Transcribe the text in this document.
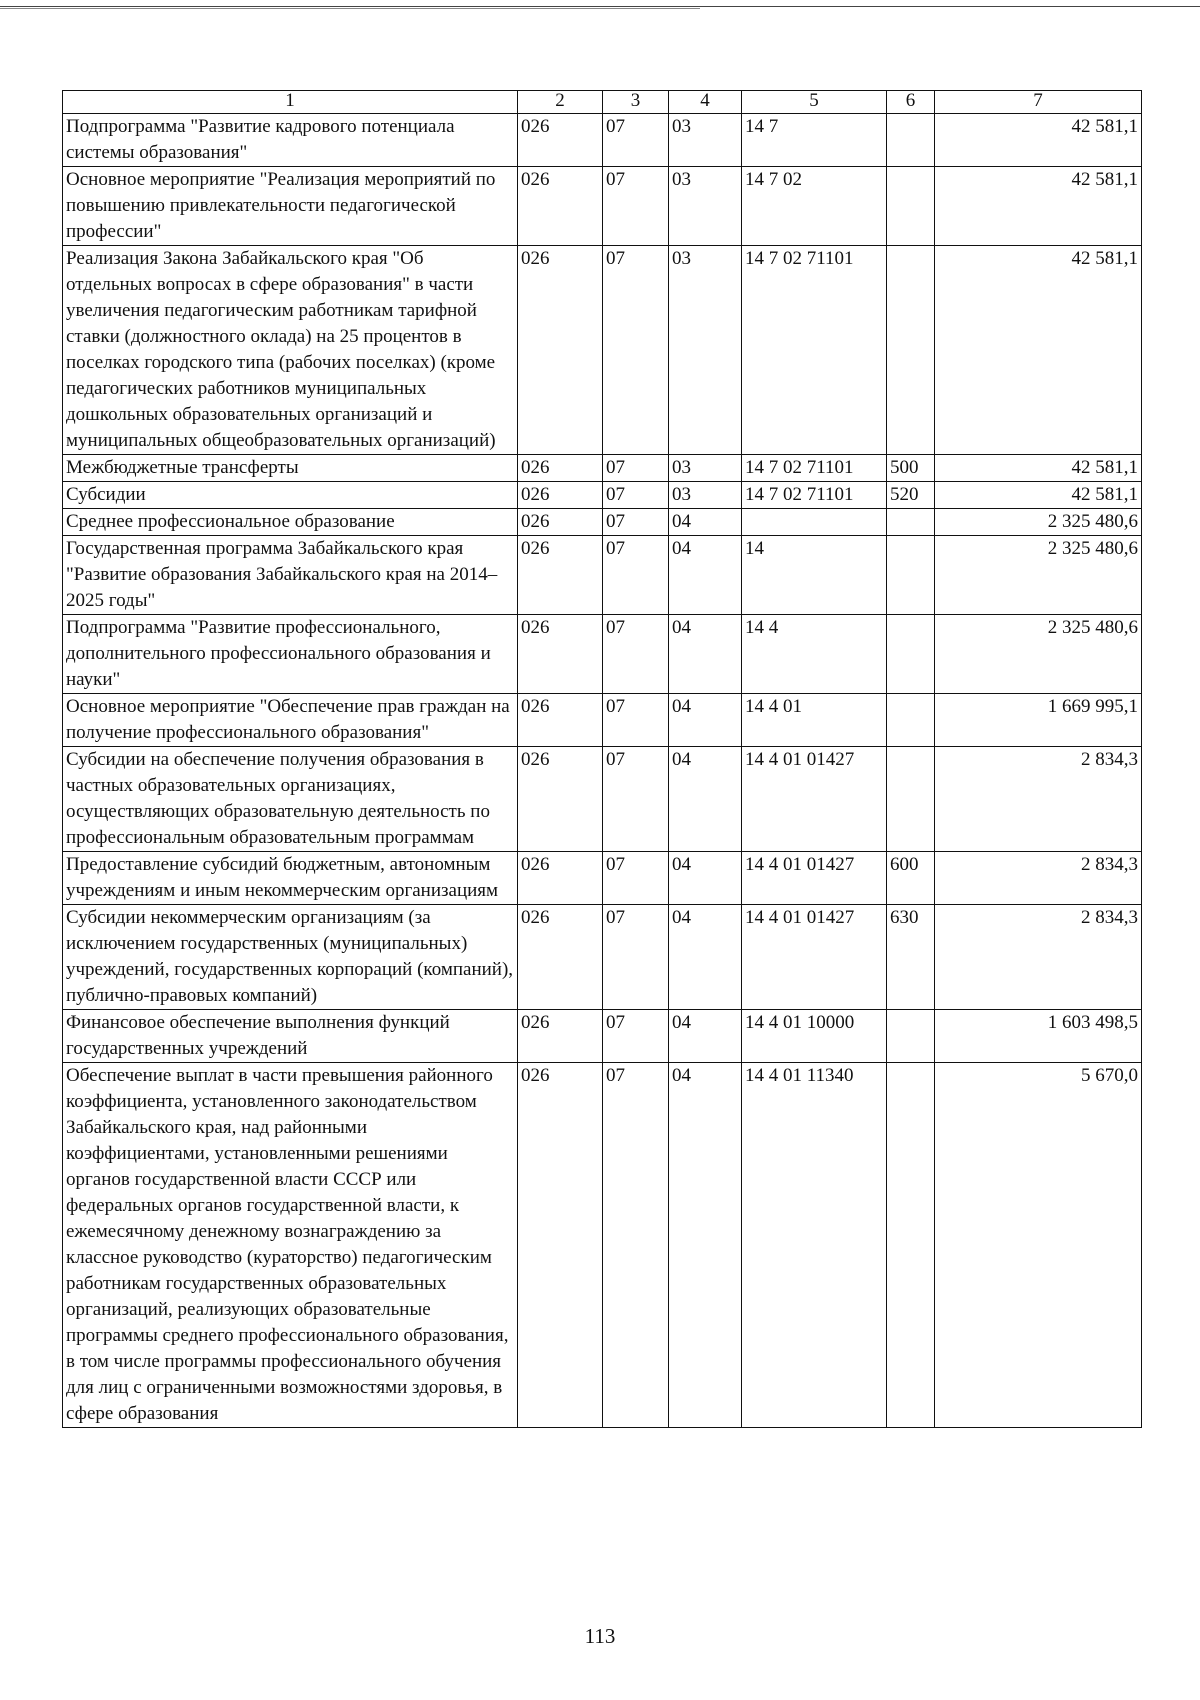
1	2	3	4	5	6	7
Подпрограмма "Развитие кадрового потенциала системы образования"	026	07	03	14 7		42 581,1
Основное мероприятие "Реализация мероприятий по повышению привлекательности педагогической профессии"	026	07	03	14 7 02		42 581,1
Реализация Закона Забайкальского края "Об отдельных вопросах в сфере образования" в части увеличения педагогическим работникам тарифной ставки (должностного оклада) на 25 процентов в поселках городского типа (рабочих поселках) (кроме педагогических работников муниципальных дошкольных образовательных организаций и муниципальных общеобразовательных организаций)	026	07	03	14 7 02 71101		42 581,1
Межбюджетные трансферты	026	07	03	14 7 02 71101	500	42 581,1
Субсидии	026	07	03	14 7 02 71101	520	42 581,1
Среднее профессиональное образование	026	07	04			2 325 480,6
Государственная программа Забайкальского края "Развитие образования Забайкальского края на 2014–2025 годы"	026	07	04	14		2 325 480,6
Подпрограмма "Развитие профессионального, дополнительного профессионального образования и науки"	026	07	04	14 4		2 325 480,6
Основное мероприятие "Обеспечение прав граждан на получение профессионального образования"	026	07	04	14 4 01		1 669 995,1
Субсидии на обеспечение получения образования в частных образовательных организациях, осуществляющих образовательную деятельность по профессиональным образовательным программам	026	07	04	14 4 01 01427		2 834,3
Предоставление субсидий бюджетным, автономным учреждениям и иным некоммерческим организациям	026	07	04	14 4 01 01427	600	2 834,3
Субсидии некоммерческим организациям (за исключением государственных (муниципальных) учреждений, государственных корпораций (компаний), публично-правовых компаний)	026	07	04	14 4 01 01427	630	2 834,3
Финансовое обеспечение выполнения функций государственных учреждений	026	07	04	14 4 01 10000		1 603 498,5
Обеспечение выплат в части превышения районного коэффициента, установленного законодательством Забайкальского края, над районными коэффициентами, установленными решениями органов государственной власти СССР или федеральных органов государственной власти, к ежемесячному денежному вознаграждению за классное руководство (кураторство) педагогическим работникам государственных образовательных организаций, реализующих образовательные программы среднего профессионального образования, в том числе программы профессионального обучения для лиц с ограниченными возможностями здоровья, в сфере образования	026	07	04	14 4 01 11340		5 670,0
113
